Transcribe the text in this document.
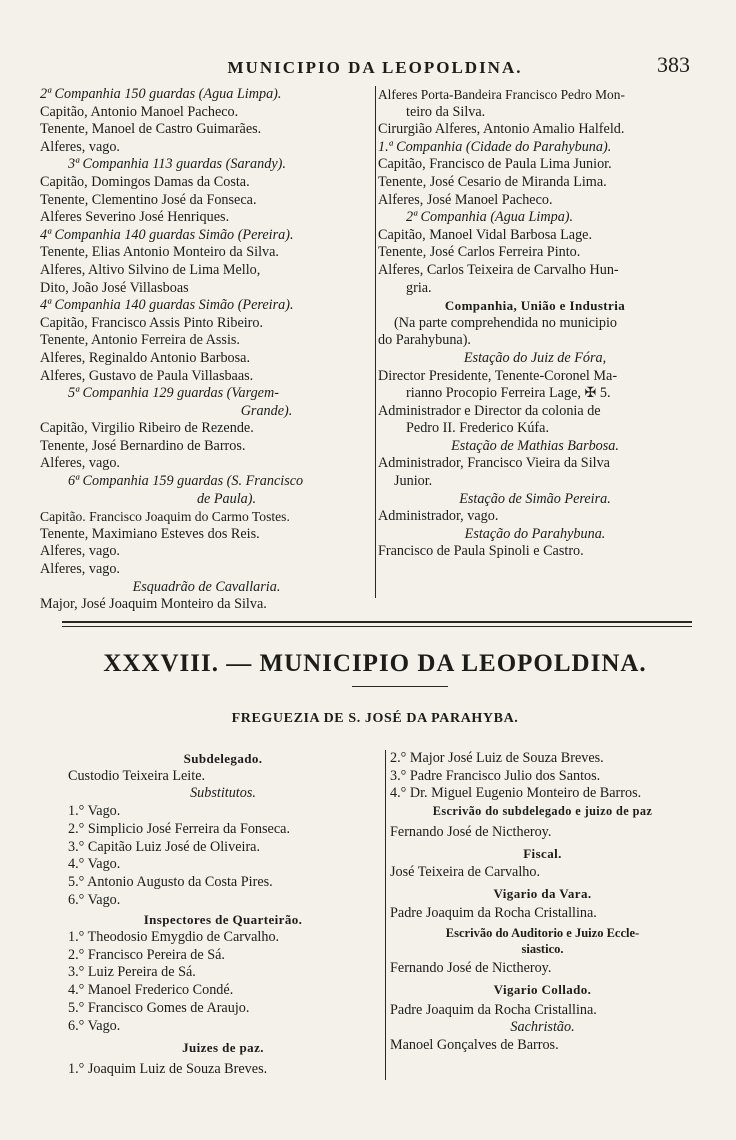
MUNICIPIO DA LEOPOLDINA.	383
2ª Companhia 150 guardas (Agua Limpa).
Capitão, Antonio Manoel Pacheco.
Tenente, Manoel de Castro Guimarães.
Alferes, vago.
3ª Companhia 113 guardas (Sarandy).
Capitão, Domingos Damas da Costa.
Tenente, Clementino José da Fonseca.
Alferes Severino José Henriques.
4ª Companhia 140 guardas Simão (Pereira).
Tenente, Elias Antonio Monteiro da Silva.
Alferes, Altivo Silvino de Lima Mello,
Dito, João José Villasboas
4ª Companhia 140 guardas Simão (Pereira).
Capitão, Francisco Assis Pinto Ribeiro.
Tenente, Antonio Ferreira de Assis.
Alferes, Reginaldo Antonio Barbosa.
Alferes, Gustavo de Paula Villasbaas.
5ª Companhia 129 guardas (Vargem-
Grande).
Capitão, Virgilio Ribeiro de Rezende.
Tenente, José Bernardino de Barros.
Alferes, vago.
6ª Companhia 159 guardas (S. Francisco
de Paula).
Capitão. Francisco Joaquim do Carmo Tostes.
Tenente, Maximiano Esteves dos Reis.
Alferes, vago.
Alferes, vago.
Esquadrão de Cavallaria.
Major, José Joaquim Monteiro da Silva.
Alferes Porta-Bandeira Francisco Pedro Mon-
teiro da Silva.
Cirurgião Alferes, Antonio Amalio Halfeld.
1.ª Companhia (Cidade do Parahybuna).
Capitão, Francisco de Paula Lima Junior.
Tenente, José Cesario de Miranda Lima.
Alferes, José Manoel Pacheco.
2ª Companhia (Agua Limpa).
Capitão, Manoel Vidal Barbosa Lage.
Tenente, José Carlos Ferreira Pinto.
Alferes, Carlos Teixeira de Carvalho Hun-
gria.
Companhia, União e Industria
(Na parte comprehendida no municipio
do Parahybuna).
Estação do Juiz de Fóra,
Director Presidente, Tenente-Coronel Ma-
rianno Procopio Ferreira Lage, ✠ 5.
Administrador e Director da colonia de
Pedro II. Frederico Kúfa.
Estação de Mathias Barbosa.
Administrador, Francisco Vieira da Silva
Junior.
Estação de Simão Pereira.
Administrador, vago.
Estação do Parahybuna.
Francisco de Paula Spinoli e Castro.
XXXVIII. — MUNICIPIO DA LEOPOLDINA.
FREGUEZIA DE S. JOSÉ DA PARAHYBA.
Subdelegado.
Custodio Teixeira Leite.
Substitutos.
1.° Vago.
2.° Simplicio José Ferreira da Fonseca.
3.° Capitão Luiz José de Oliveira.
4.° Vago.
5.° Antonio Augusto da Costa Pires.
6.° Vago.
Inspectores de Quarteirão.
1.° Theodosio Emygdio de Carvalho.
2.° Francisco Pereira de Sá.
3.° Luiz Pereira de Sá.
4.° Manoel Frederico Condé.
5.° Francisco Gomes de Araujo.
6.° Vago.
Juizes de paz.
1.° Joaquim Luiz de Souza Breves.
2.° Major José Luiz de Souza Breves.
3.° Padre Francisco Julio dos Santos.
4.° Dr. Miguel Eugenio Monteiro de Barros.
Escrivão do subdelegado e juizo de paz
Fernando José de Nictheroy.
Fiscal.
José Teixeira de Carvalho.
Vigario da Vara.
Padre Joaquim da Rocha Cristallina.
Escrivão do Auditorio e Juizo Eccle-
siastico.
Fernando José de Nictheroy.
Vigario Collado.
Padre Joaquim da Rocha Cristallina.
Sachristão.
Manoel Gonçalves de Barros.
